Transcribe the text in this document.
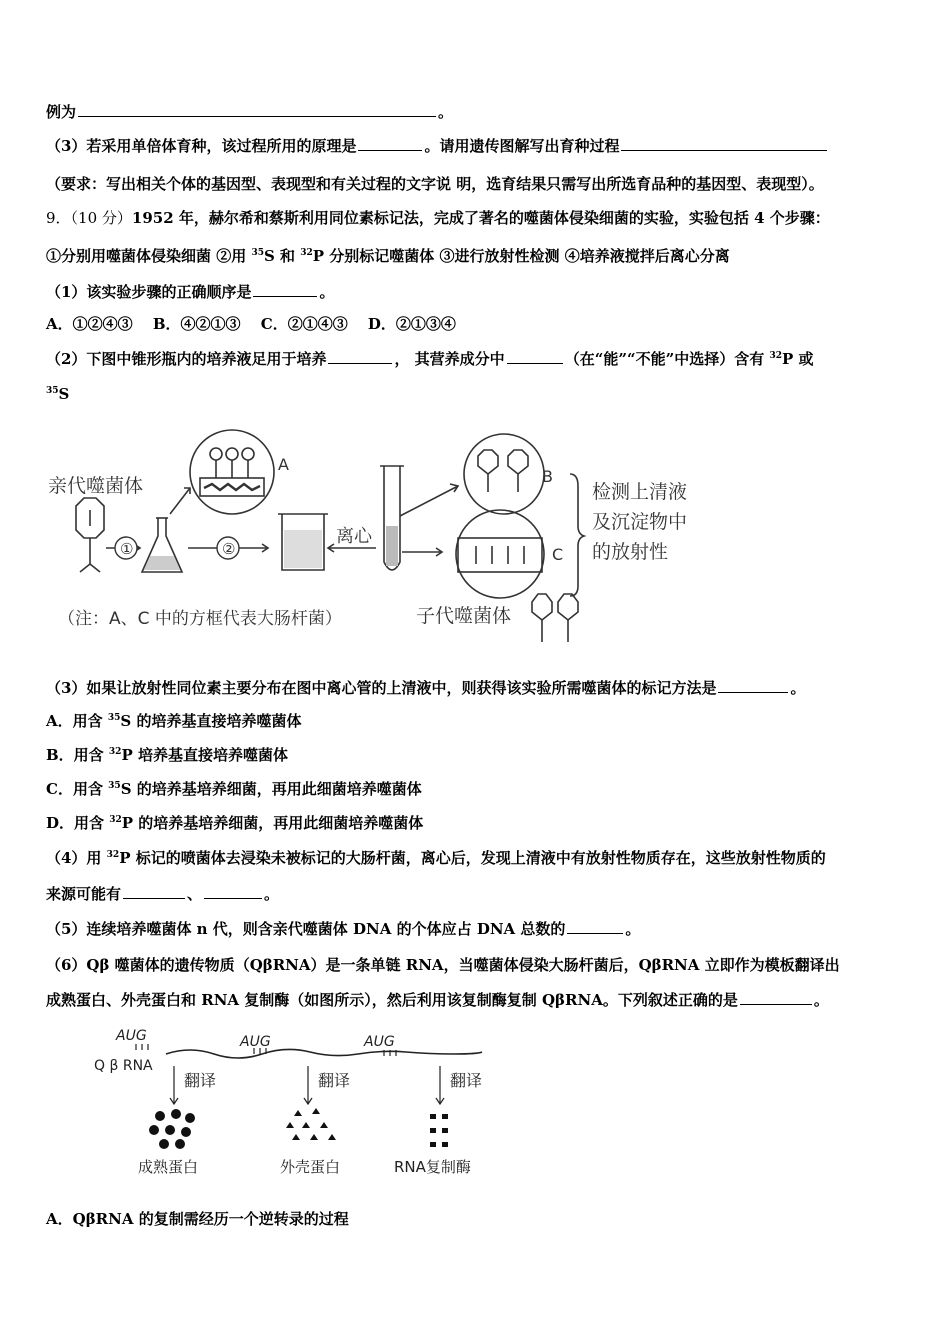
例为	。
（3）若采用单倍体育种，该过程所用的原理是	。请用遗传图解写出育种过程
（要求：写出相关个体的基因型、表现型和有关过程的文字说 明，选育结果只需写出所选育品种的基因型、表现型）。
9．（10 分）1952 年，赫尔希和蔡斯利用同位素标记法，完成了著名的噬菌体侵染细菌的实验，实验包括 4 个步骤：
①分别用噬菌体侵染细菌 ②用 $^{35}$S 和 $^{32}$P 分别标记噬菌体 ③进行放射性检测 ④培养液搅拌后离心分离
（1）该实验步骤的正确顺序是	。
A．①②④③　 B．④②①③　 C．②①④③　 D．②①③④
（2）下图中锥形瓶内的培养液足用于培养	， 其营养成分中	（在“能”“不能”中选择）含有 $^{32}$P 或
$^{35}$S
亲代噬菌体
①	②
A
B
C
离心
检测上清液
及沉淀物中
的放射性
（注：A、C 中的方框代表大肠杆菌）	子代噬菌体
（3）如果让放射性同位素主要分布在图中离心管的上清液中，则获得该实验所需噬菌体的标记方法是	。
A．用含 $^{35}$S 的培养基直接培养噬菌体
B．用含 $^{32}$P 培养基直接培养噬菌体
C．用含 $^{35}$S 的培养基培养细菌，再用此细菌培养噬菌体
D．用含 $^{32}$P 的培养基培养细菌，再用此细菌培养噬菌体
（4）用 $^{32}$P 标记的喷菌体去浸染未被标记的大肠杆菌，离心后，发现上清液中有放射性物质存在，这些放射性物质的
来源可能有	、	。
（5）连续培养噬菌体 n 代，则含亲代噬菌体 DNA 的个体应占 DNA 总数的	。
（6）Qβ 噬菌体的遗传物质（QβRNA）是一条单链 RNA，当噬菌体侵染大肠杆菌后，QβRNA 立即作为模板翻译出
成熟蛋白、外壳蛋白和 RNA 复制酶（如图所示），然后利用该复制酶复制 QβRNA。下列叙述正确的是	。
AUG	AUG	AUG
Q β RNA
翻译	翻译	翻译
成熟蛋白	外壳蛋白	RNA复制酶
A．QβRNA 的复制需经历一个逆转录的过程
